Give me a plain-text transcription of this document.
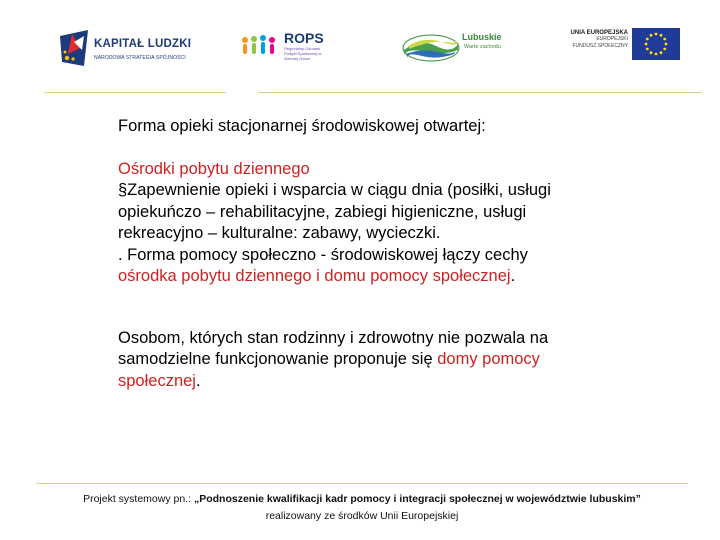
KAPITAŁ LUDZKI
NARODOWA STRATEGIA SPÓJNOŚCI
ROPS
Regionalny Ośrodek Polityki Społecznej w Zielonej Górze
Lubuskie
Warte zachodu
UNIA EUROPEJSKA
EUROPEJSKI
FUNDUSZ SPOŁECZNY

Forma opieki stacjonarnej środowiskowej otwartej:

Ośrodki pobytu dziennego
§Zapewnienie opieki i wsparcia w ciągu dnia (posiłki, usługi opiekuńczo – rehabilitacyjne, zabiegi higieniczne, usługi rekreacyjno – kulturalne: zabawy, wycieczki.
. Forma pomocy społeczno - środowiskowej łączy cechy ośrodka pobytu dziennego i domu pomocy społecznej.

Osobom, których stan rodzinny i zdrowotny nie pozwala na samodzielne funkcjonowanie proponuje się domy pomocy społecznej.

Projekt systemowy pn.: „Podnoszenie kwalifikacji kadr pomocy i integracji społecznej w województwie lubuskim”
realizowany ze środków Unii Europejskiej
